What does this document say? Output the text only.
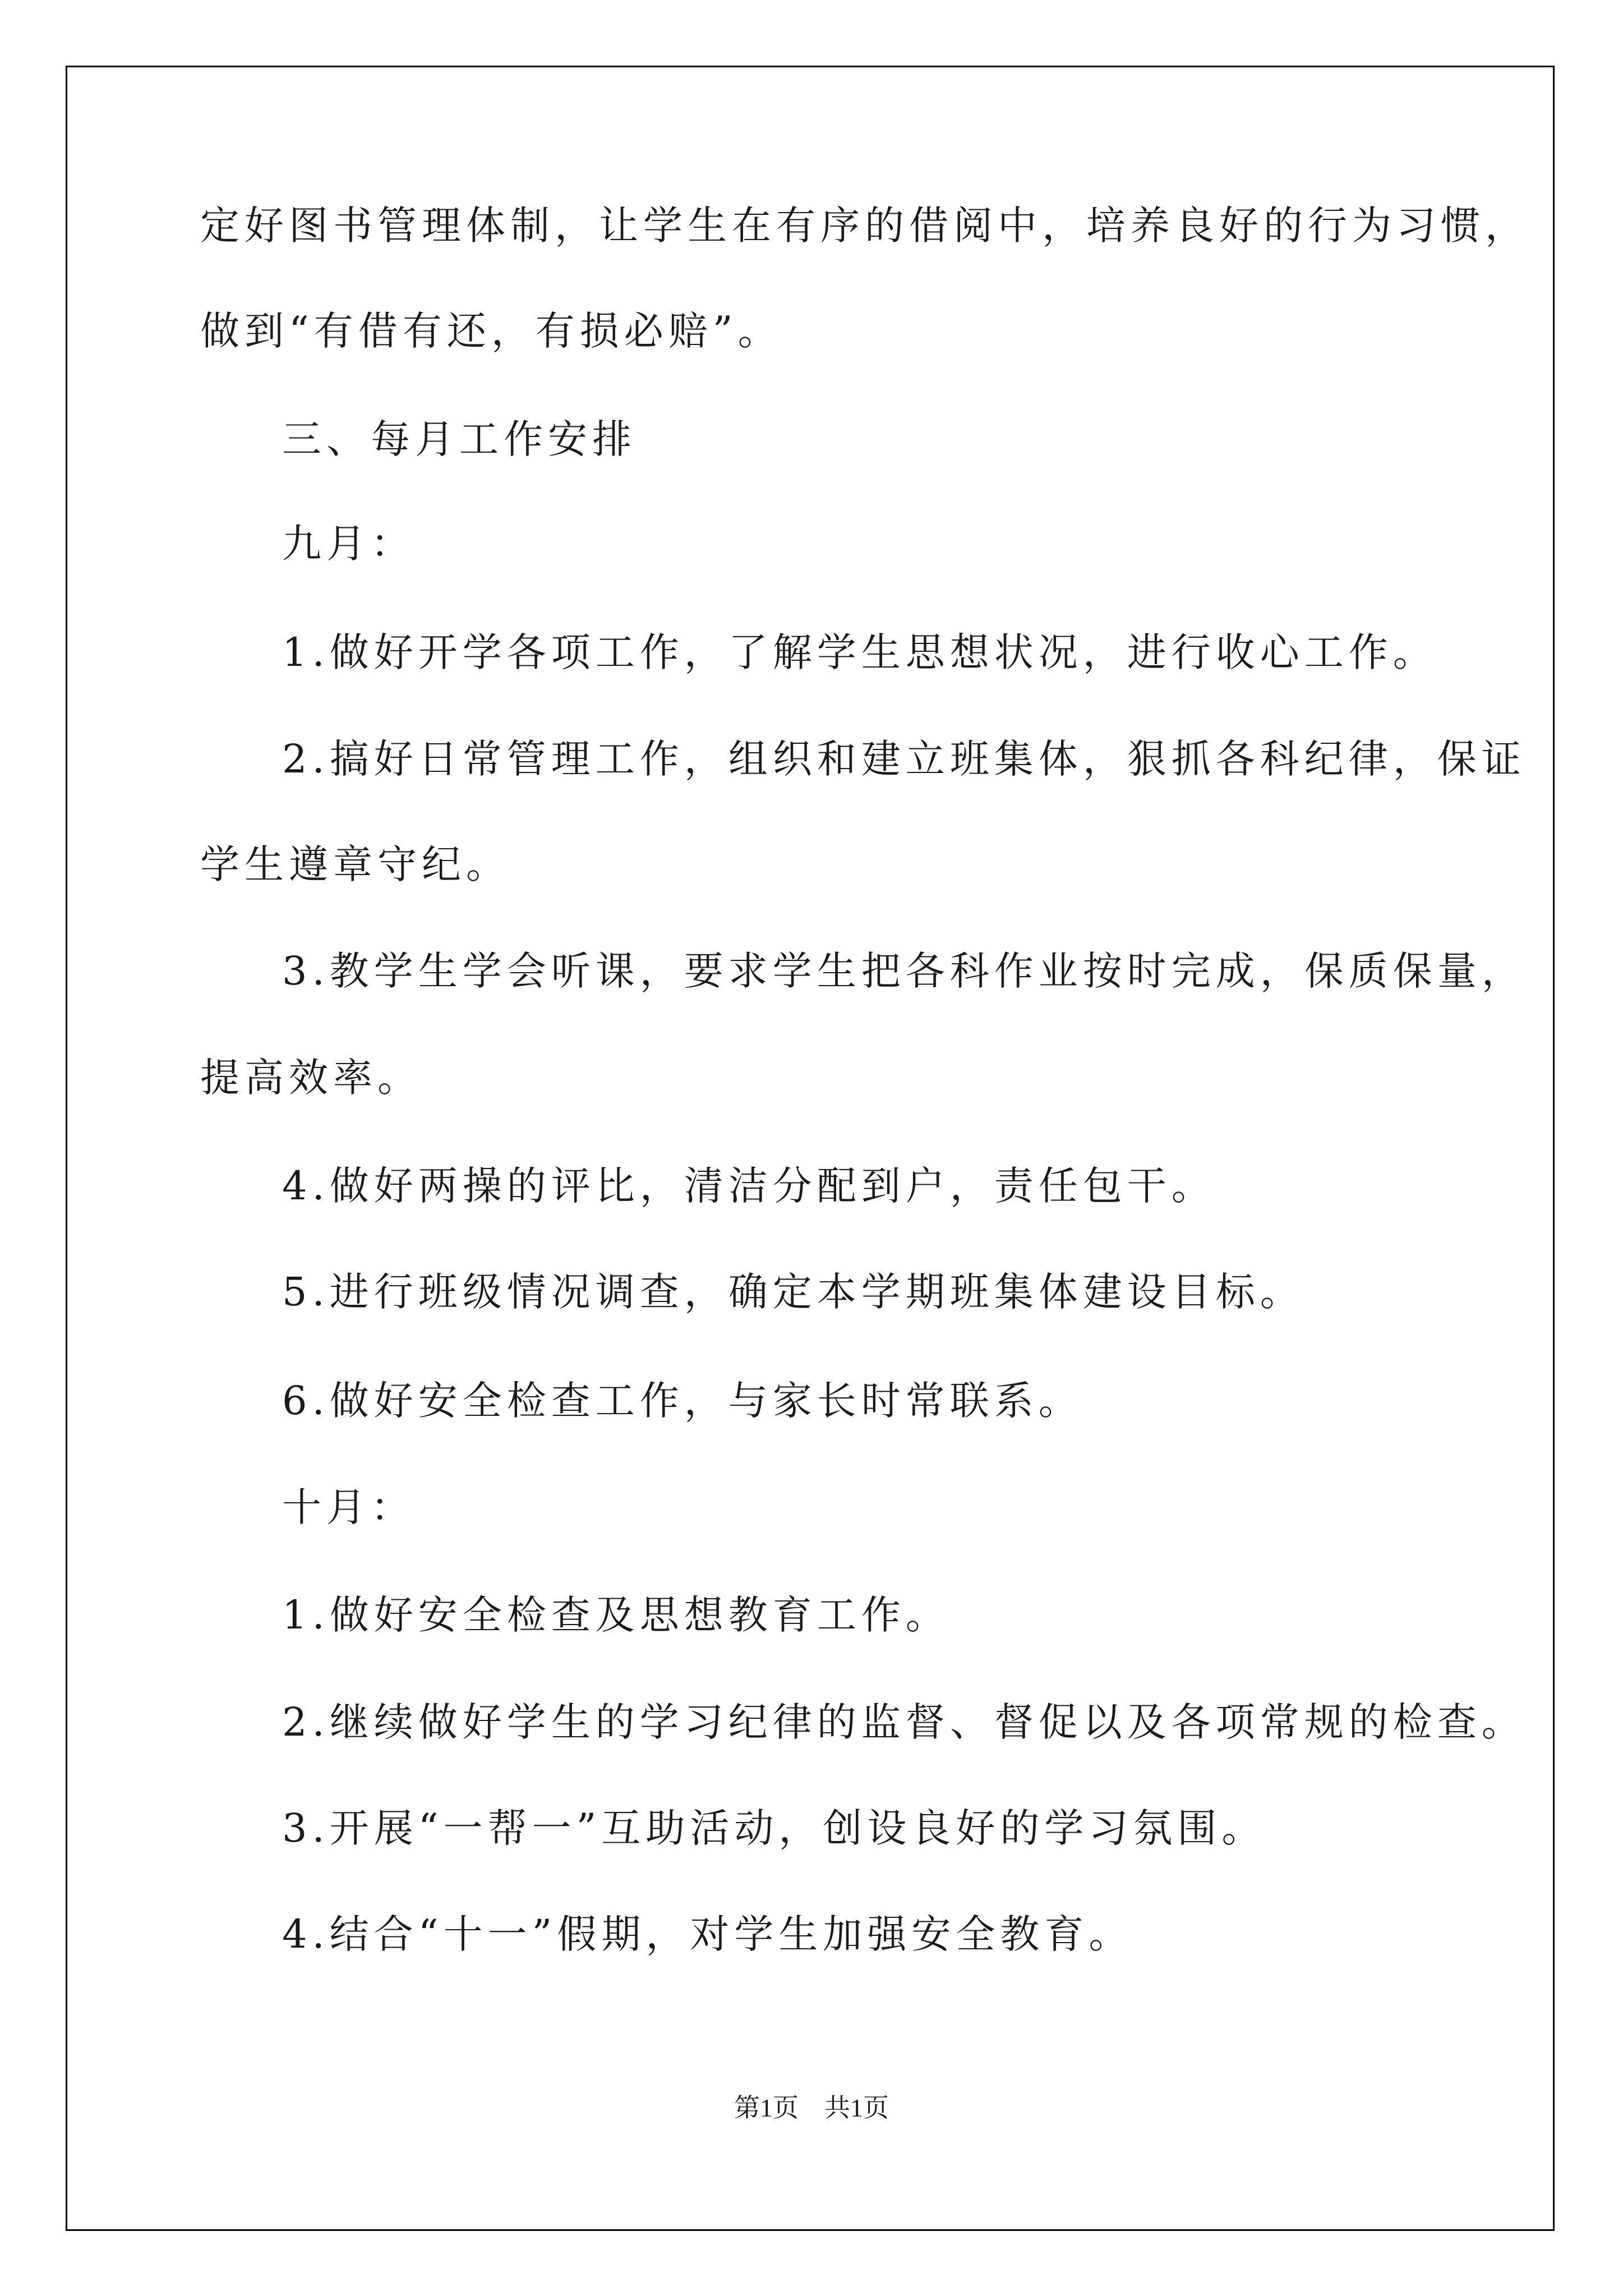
定好图书管理体制，让学生在有序的借阅中，培养良好的行为习惯，
做到“有借有还，有损必赔”。
三、每月工作安排
九月：
1.做好开学各项工作，了解学生思想状况，进行收心工作。
2.搞好日常管理工作，组织和建立班集体，狠抓各科纪律，保证
学生遵章守纪。
3.教学生学会听课，要求学生把各科作业按时完成，保质保量，
提高效率。
4.做好两操的评比，清洁分配到户，责任包干。
5.进行班级情况调查，确定本学期班集体建设目标。
6.做好安全检查工作，与家长时常联系。
十月：
1.做好安全检查及思想教育工作。
2.继续做好学生的学习纪律的监督、督促以及各项常规的检查。
3.开展“一帮一”互助活动，创设良好的学习氛围。
4.结合“十一”假期，对学生加强安全教育。
第1页　共1页
